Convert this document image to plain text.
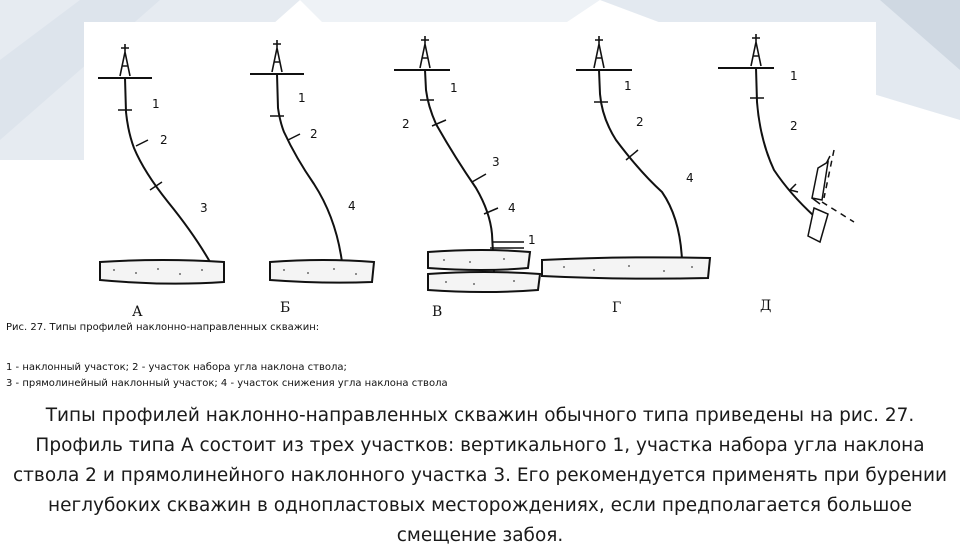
1
2
3
1
2
4
1
2
3
4
1
1
2
4
1
2
А	Б	В	Г	Д
Рис. 27. Типы профилей наклонно-направленных скважин:
1 - наклонный участок; 2 - участок набора угла наклона ствола;
3 - прямолинейный наклонный участок; 4 - участок снижения угла наклона ствола
Типы профилей наклонно-направленных скважин обычного типа приведены на рис. 27. Профиль типа А состоит из трех участков: вертикального 1, участка набора угла наклона ствола 2 и прямолинейного наклонного участка 3. Его рекомендуется применять при бурении неглубоких скважин в однопластовых месторождениях, если предполагается большое смещение забоя.
